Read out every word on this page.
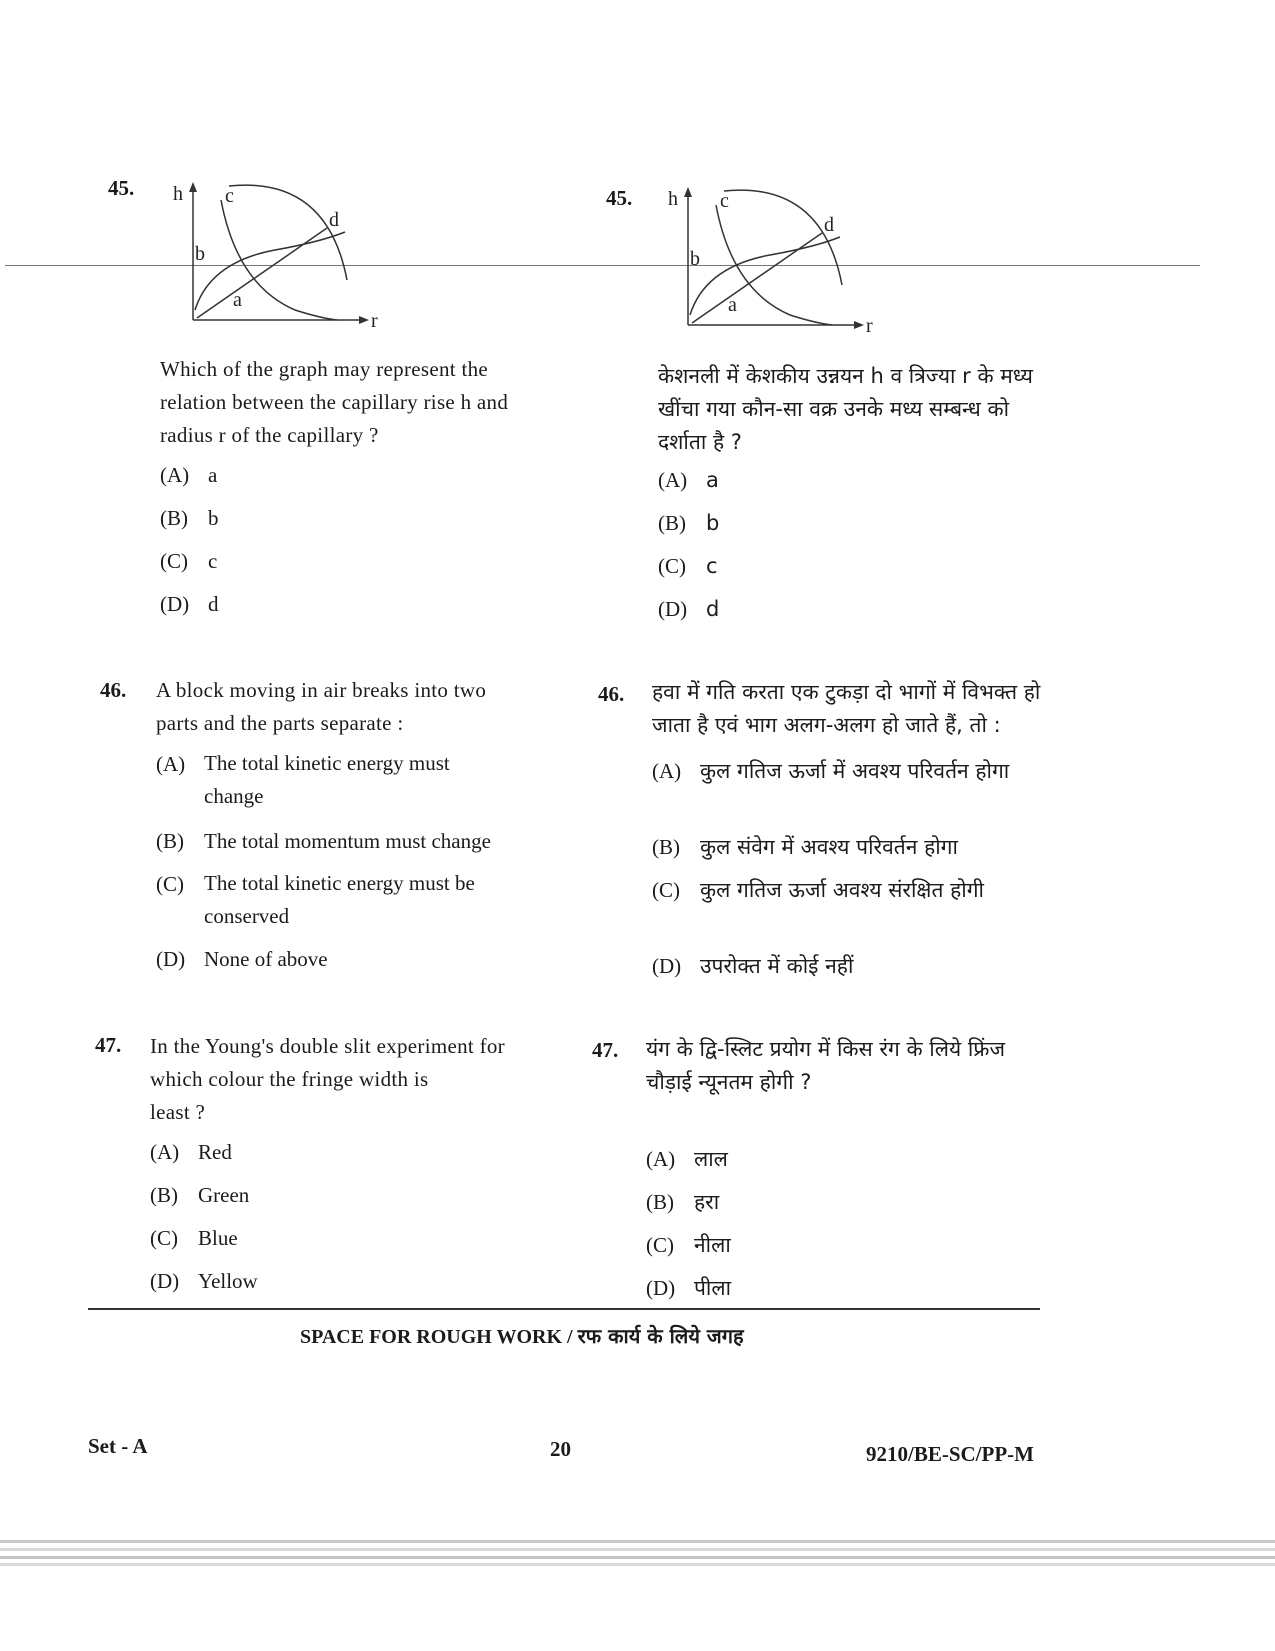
45. h
r
a
b
c
d
Which of the graph may represent the
relation between the capillary rise h and
radius r of the capillary ?
(A) a
(B) b
(C) c
(D) d
45. h
r
a
b
c
d
केशनली में केशकीय उन्नयन h व त्रिज्या r के मध्य
खींचा गया कौन-सा वक्र उनके मध्य सम्बन्ध को
दर्शाता है ?
(A) a
(B) b
(C) c
(D) d
46. A block moving in air breaks into two
parts and the parts separate :
(A) The total kinetic energy must
change
(B) The total momentum must change
(C) The total kinetic energy must be
conserved
(D) None of above
46. हवा में गति करता एक टुकड़ा दो भागों में विभक्त हो
जाता है एवं भाग अलग-अलग हो जाते हैं, तो :
(A) कुल गतिज ऊर्जा में अवश्य परिवर्तन होगा
(B) कुल संवेग में अवश्य परिवर्तन होगा
(C) कुल गतिज ऊर्जा अवश्य संरक्षित होगी
(D) उपरोक्त में कोई नहीं
47. In the Young's double slit experiment for
which colour the fringe width is
least ?
(A) Red
(B) Green
(C) Blue
(D) Yellow
47. यंग के द्वि-स्लिट प्रयोग में किस रंग के लिये फ्रिंज
चौड़ाई न्यूनतम होगी ?
(A) लाल
(B) हरा
(C) नीला
(D) पीला
SPACE FOR ROUGH WORK / रफ कार्य के लिये जगह
Set - A	20	9210/BE-SC/PP-M
